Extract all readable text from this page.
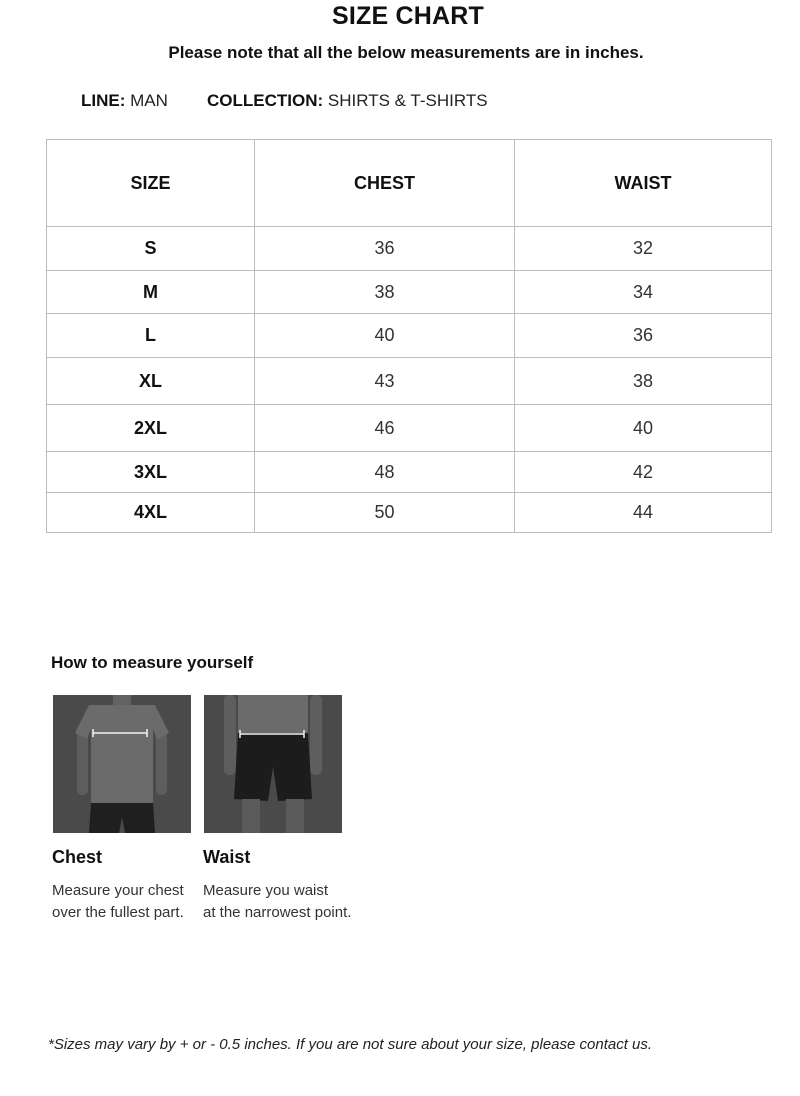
SIZE CHART
Please note that all the below measurements are in inches.
LINE: MAN COLLECTION: SHIRTS & T-SHIRTS
SIZE	CHEST	WAIST
S	36	32
M	38	34
L	40	36
XL	43	38
2XL	46	40
3XL	48	42
4XL	50	44
How to measure yourself
Chest
Measure your chest
over the fullest part.
Waist
Measure you waist
at the narrowest point.
*Sizes may vary by + or - 0.5 inches. If you are not sure about your size, please contact us.
